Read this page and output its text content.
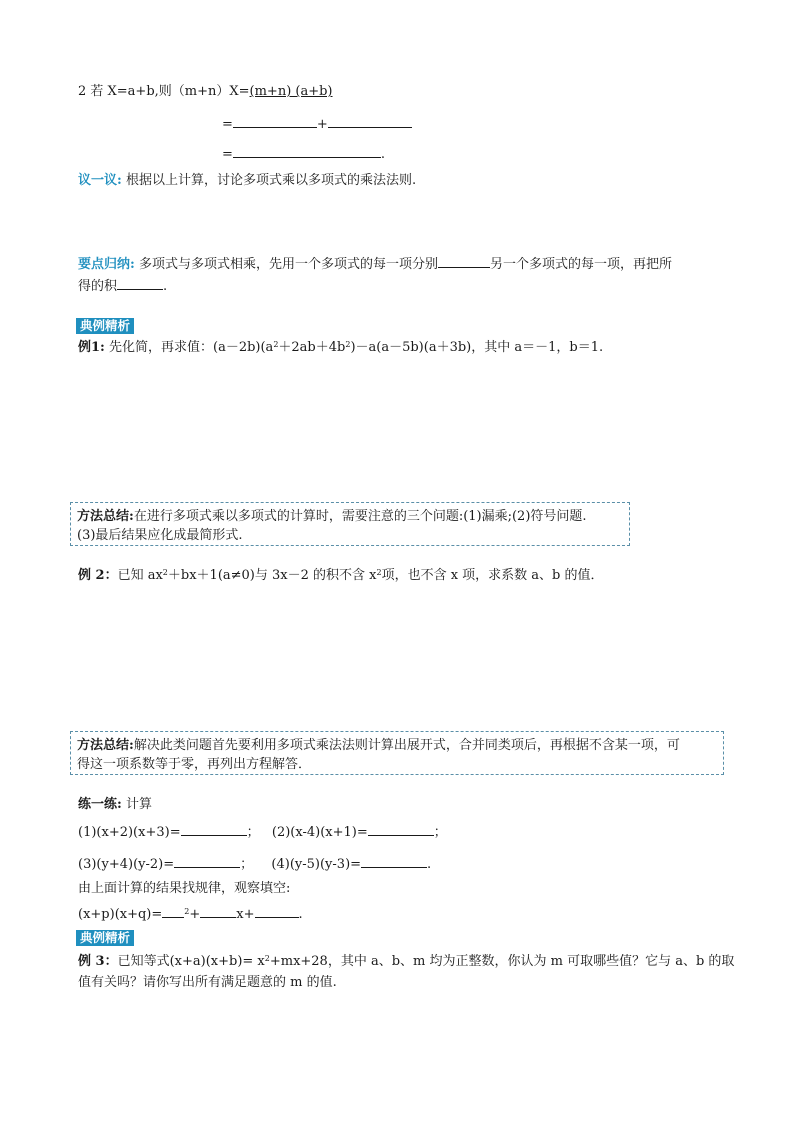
2 若 X=a+b,则（m+n）X=(m+n) (a+b)
=	+
=	.
议一议: 根据以上计算，讨论多项式乘以多项式的乘法法则.
要点归纳: 多项式与多项式相乘，先用一个多项式的每一项分别	另一个多项式的每一项，再把所
得的积	.
典例精析
例1: 先化简，再求值：$(a-2b)(a^2+2ab+4b^2)-a(a-5b)(a+3b)$，其中 a＝－1，b＝1.
方法总结:在进行多项式乘以多项式的计算时，需要注意的三个问题:(1)漏乘;(2)符号问题.
(3)最后结果应化成最简形式.
例 2：已知 $ax^2+bx+1(a\ne 0)$与 3x－2 的积不含 $x^2$项，也不含 x 项，求系数 a、b 的值．
方法总结:解决此类问题首先要利用多项式乘法法则计算出展开式，合并同类项后，再根据不含某一项，可
得这一项系数等于零，再列出方程解答．
练一练: 计算
(1)(x+2)(x+3)=	； (2)(x-4)(x+1)=	；
(3)(y+4)(y-2)=	； (4)(y-5)(y-3)=	.
由上面计算的结果找规律，观察填空:
(x+p)(x+q)=	$^2$+	x+	.
典例精析
例 3：已知等式$(x+a)(x+b)= x^2+mx+28$，其中 a、b、m 均为正整数，你认为 m 可取哪些值？它与 a、b 的取
值有关吗？请你写出所有满足题意的 m 的值.
